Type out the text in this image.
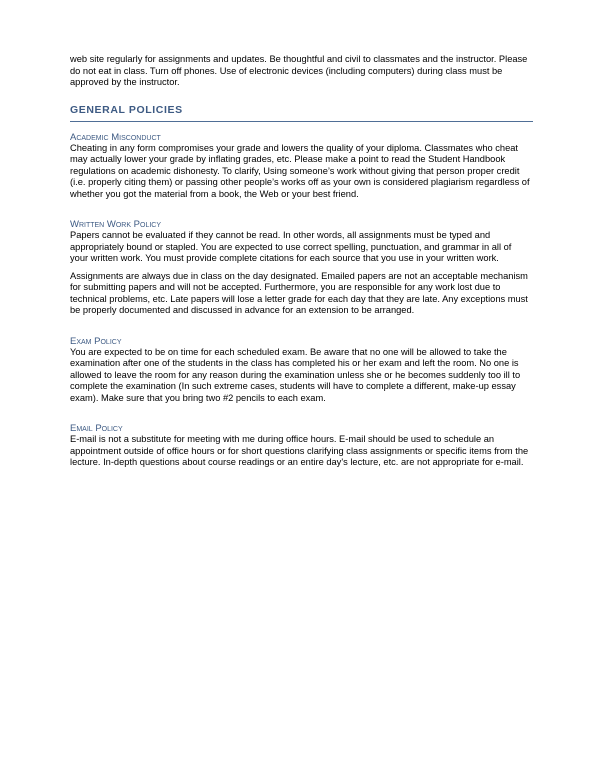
web site regularly for assignments and updates. Be thoughtful and civil to classmates and the instructor. Please do not eat in class. Turn off phones. Use of electronic devices (including computers) during class must be approved by the instructor.

GENERAL POLICIES

Academic Misconduct

Cheating in any form compromises your grade and lowers the quality of your diploma. Classmates who cheat may actually lower your grade by inflating grades, etc. Please make a point to read the Student Handbook regulations on academic dishonesty. To clarify, Using someone’s work without giving that person proper credit (i.e. properly citing them) or passing other people’s works off as your own is considered plagiarism regardless of whether you got the material from a book, the Web or your best friend.

Written Work Policy

Papers cannot be evaluated if they cannot be read. In other words, all assignments must be typed and appropriately bound or stapled. You are expected to use correct spelling, punctuation, and grammar in all of your written work. You must provide complete citations for each source that you use in your written work.

Assignments are always due in class on the day designated. Emailed papers are not an acceptable mechanism for submitting papers and will not be accepted. Furthermore, you are responsible for any work lost due to technical problems, etc. Late papers will lose a letter grade for each day that they are late. Any exceptions must be properly documented and discussed in advance for an extension to be arranged.

Exam Policy

You are expected to be on time for each scheduled exam. Be aware that no one will be allowed to take the examination after one of the students in the class has completed his or her exam and left the room. No one is allowed to leave the room for any reason during the examination unless she or he becomes suddenly too ill to complete the examination (In such extreme cases, students will have to complete a different, make-up essay exam). Make sure that you bring two #2 pencils to each exam.

Email Policy

E-mail is not a substitute for meeting with me during office hours. E-mail should be used to schedule an appointment outside of office hours or for short questions clarifying class assignments or specific items from the lecture. In-depth questions about course readings or an entire day's lecture, etc. are not appropriate for e-mail.
